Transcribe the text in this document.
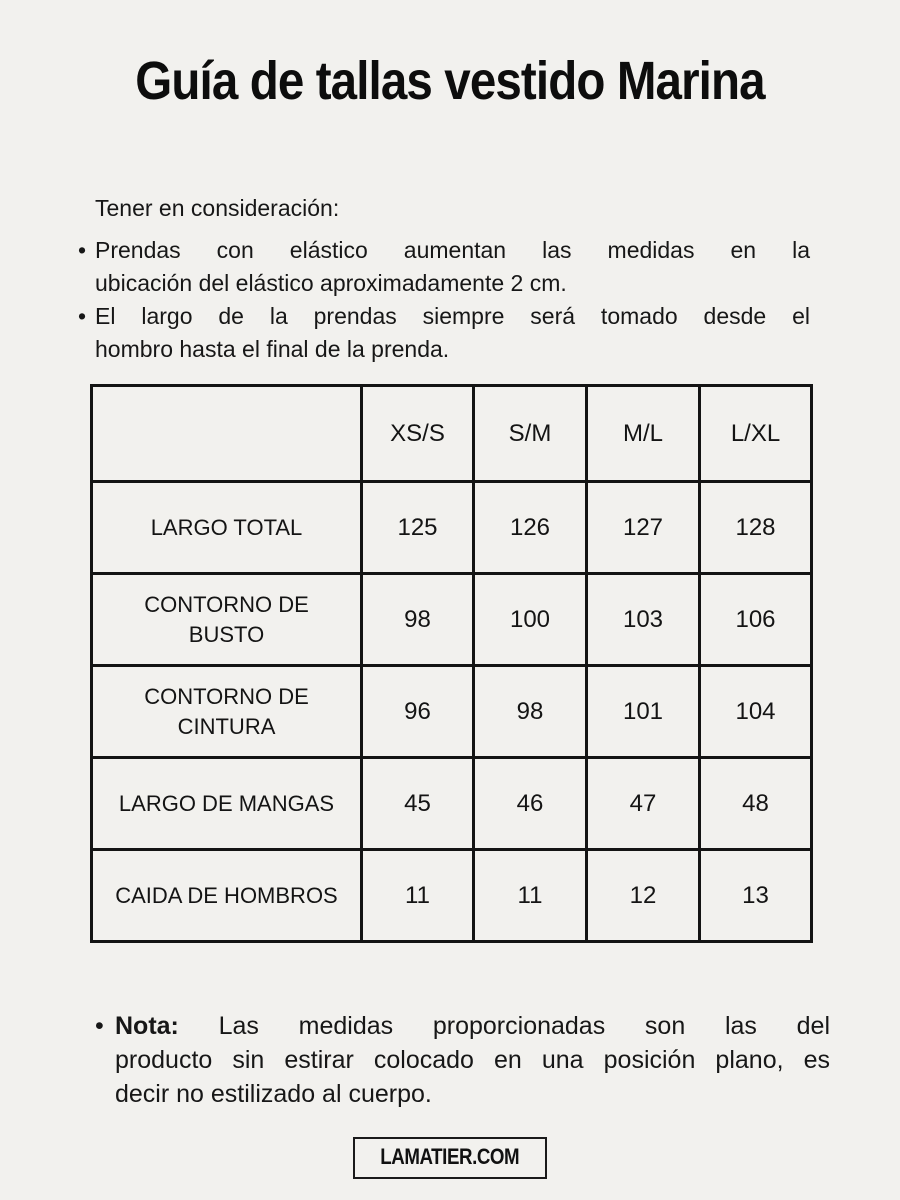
Guía de tallas vestido Marina

Tener en consideración:

•
Prendas con elástico aumentan las medidas en la
ubicación del elástico aproximadamente 2 cm.
•
El largo de la prendas siempre será tomado desde el
hombro hasta el final de la prenda.
	XS/S	S/M	M/L	L/XL
LARGO TOTAL	125	126	127	128
CONTORNO DE BUSTO	98	100	103	106
CONTORNO DE CINTURA	96	98	101	104
LARGO DE MANGAS	45	46	47	48
CAIDA DE HOMBROS	11	11	12	13
•
Nota: Las medidas proporcionadas son las del
producto sin estirar colocado en una posición plano, es
decir no estilizado al cuerpo.
LAMATIER.COM
